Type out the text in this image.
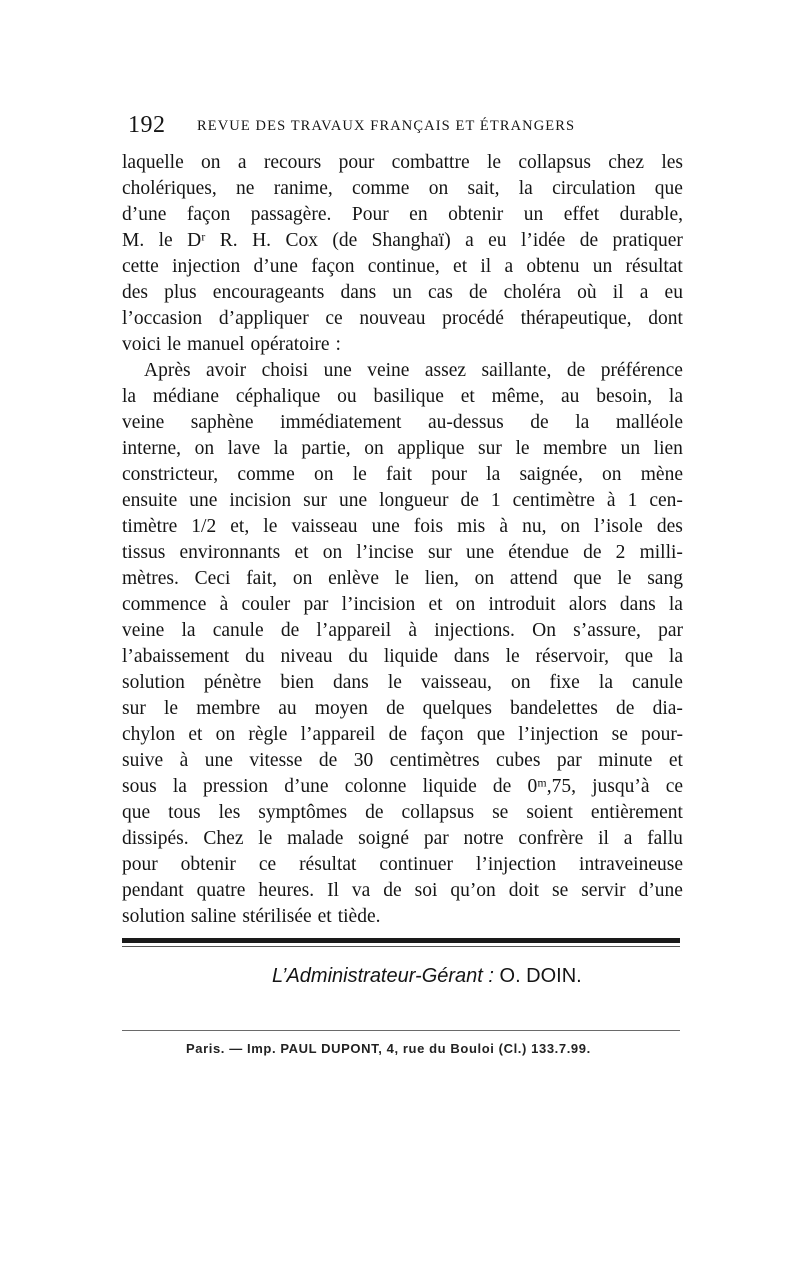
192 REVUE DES TRAVAUX FRANÇAIS ET ÉTRANGERS
laquelle on a recours pour combattre le collapsus chez les
cholériques, ne ranime, comme on sait, la circulation que
d’une façon passagère. Pour en obtenir un effet durable,
M. le Dʳ R. H. Cox (de Shanghaï) a eu l’idée de pratiquer
cette injection d’une façon continue, et il a obtenu un résultat
des plus encourageants dans un cas de choléra où il a eu
l’occasion d’appliquer ce nouveau procédé thérapeutique, dont
voici le manuel opératoire :
Après avoir choisi une veine assez saillante, de préférence
la médiane céphalique ou basilique et même, au besoin, la
veine saphène immédiatement au-dessus de la malléole
interne, on lave la partie, on applique sur le membre un lien
constricteur, comme on le fait pour la saignée, on mène
ensuite une incision sur une longueur de 1 centimètre à 1 cen-
timètre 1/2 et, le vaisseau une fois mis à nu, on l’isole des
tissus environnants et on l’incise sur une étendue de 2 milli-
mètres. Ceci fait, on enlève le lien, on attend que le sang
commence à couler par l’incision et on introduit alors dans la
veine la canule de l’appareil à injections. On s’assure, par
l’abaissement du niveau du liquide dans le réservoir, que la
solution pénètre bien dans le vaisseau, on fixe la canule
sur le membre au moyen de quelques bandelettes de dia-
chylon et on règle l’appareil de façon que l’injection se pour-
suive à une vitesse de 30 centimètres cubes par minute et
sous la pression d’une colonne liquide de 0ᵐ,75, jusqu’à ce
que tous les symptômes de collapsus se soient entièrement
dissipés. Chez le malade soigné par notre confrère il a fallu
pour obtenir ce résultat continuer l’injection intraveineuse
pendant quatre heures. Il va de soi qu’on doit se servir d’une
solution saline stérilisée et tiède.
L’Administrateur-Gérant : O. DOIN.
Paris. — Imp. PAUL DUPONT, 4, rue du Bouloi (Cl.) 133.7.99.
